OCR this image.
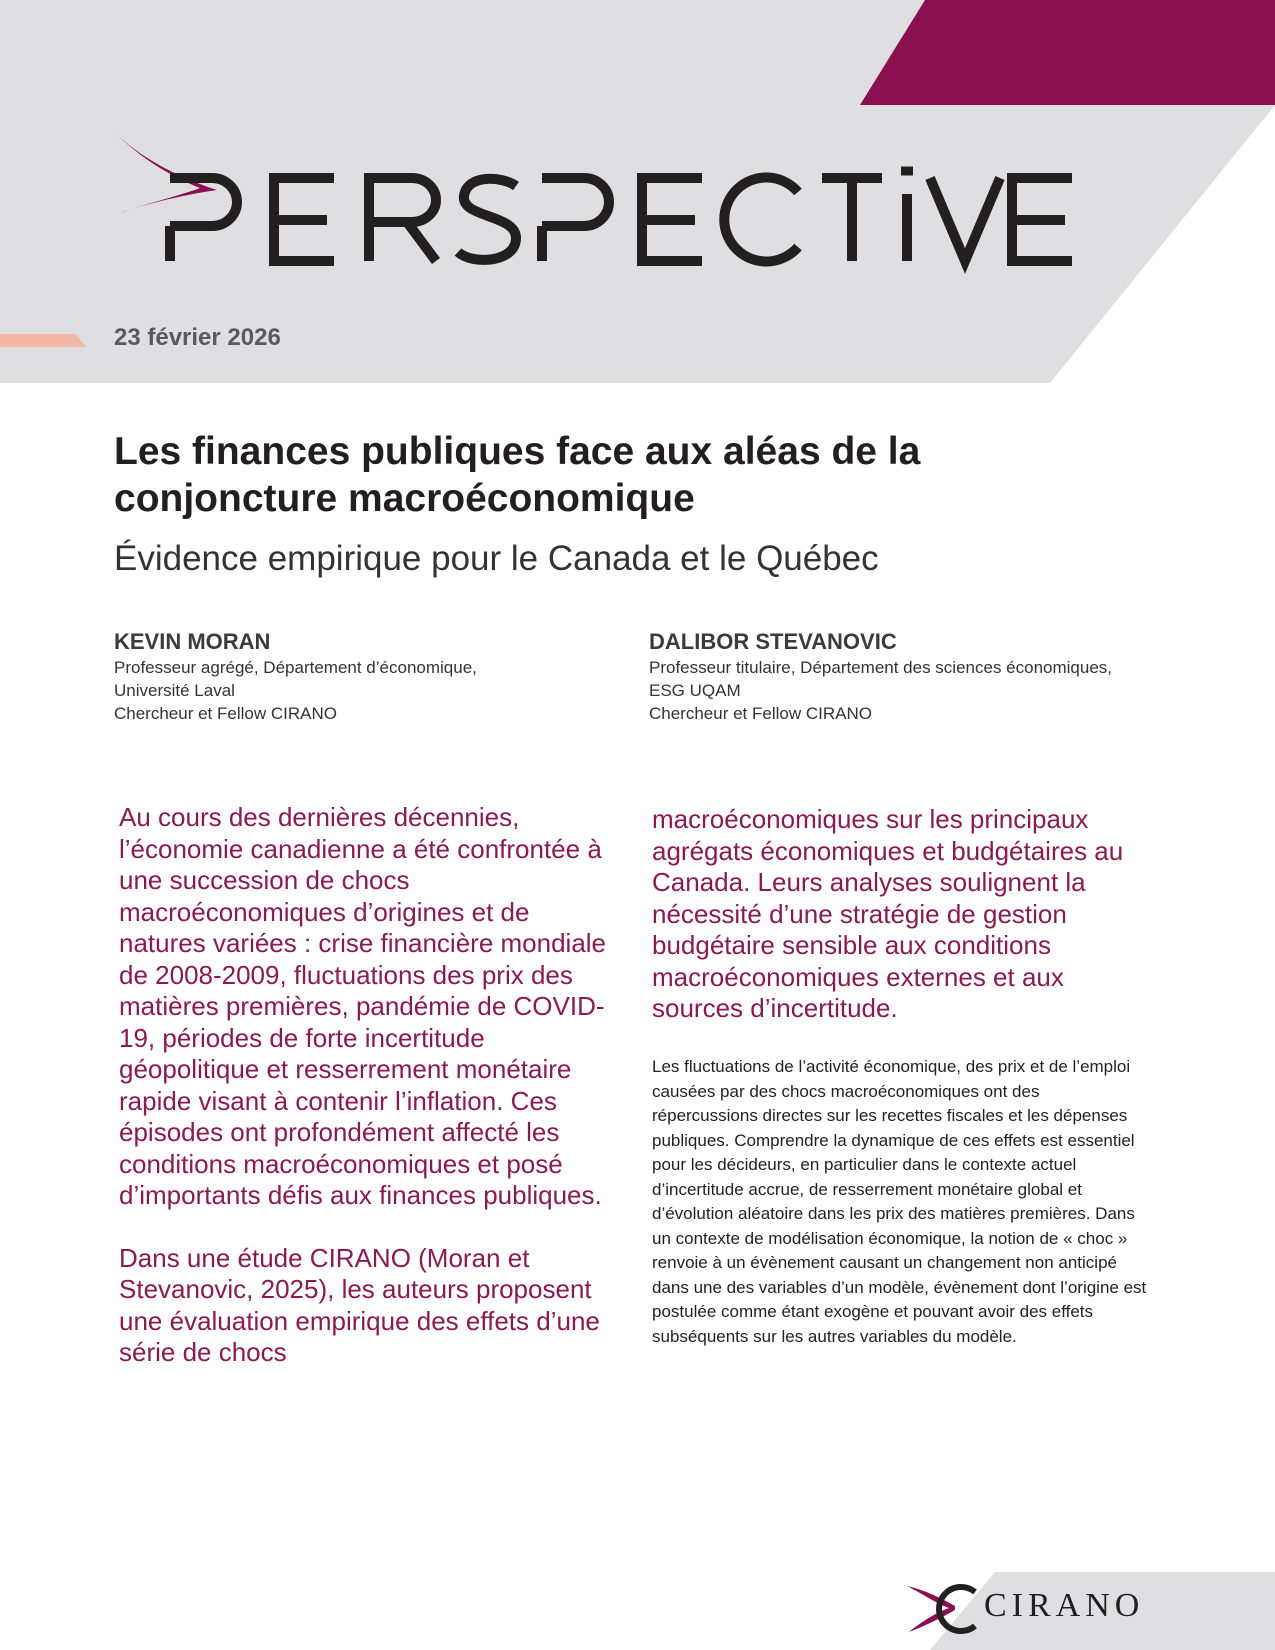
23 février 2026
Les finances publiques face aux aléas de la conjoncture macroéconomique
Évidence empirique pour le Canada et le Québec
KEVIN MORAN
Professeur agrégé, Département d’économique,
Université Laval
Chercheur et Fellow CIRANO
DALIBOR STEVANOVIC
Professeur titulaire, Département des sciences économiques,
ESG UQAM
Chercheur et Fellow CIRANO

Au cours des dernières décennies, l’économie canadienne a été confrontée à une succession de chocs macroéconomiques d’origines et de natures variées : crise financière mondiale de 2008-2009, fluctuations des prix des matières premières, pandémie de COVID-19, périodes de forte incertitude géopolitique et resserrement monétaire rapide visant à contenir l’inflation. Ces épisodes ont profondément affecté les conditions macroéconomiques et posé d’importants défis aux finances publiques.

Dans une étude CIRANO (Moran et Stevanovic, 2025), les auteurs proposent une évaluation empirique des effets d’une série de chocs

macroéconomiques sur les principaux agrégats économiques et budgétaires au Canada. Leurs analyses soulignent la nécessité d’une stratégie de gestion budgétaire sensible aux conditions macroéconomiques externes et aux sources d’incertitude.

Les fluctuations de l’activité économique, des prix et de l’emploi causées par des chocs macroéconomiques ont des répercussions directes sur les recettes fiscales et les dépenses publiques. Comprendre la dynamique de ces effets est essentiel pour les décideurs, en particulier dans le contexte actuel d’incertitude accrue, de resserrement monétaire global et d’évolution aléatoire dans les prix des matières premières. Dans un contexte de modélisation économique, la notion de « choc » renvoie à un évènement causant un changement non anticipé dans une des variables d’un modèle, évènement dont l’origine est postulée comme étant exogène et pouvant avoir des effets subséquents sur les autres variables du modèle.

CIRANO
